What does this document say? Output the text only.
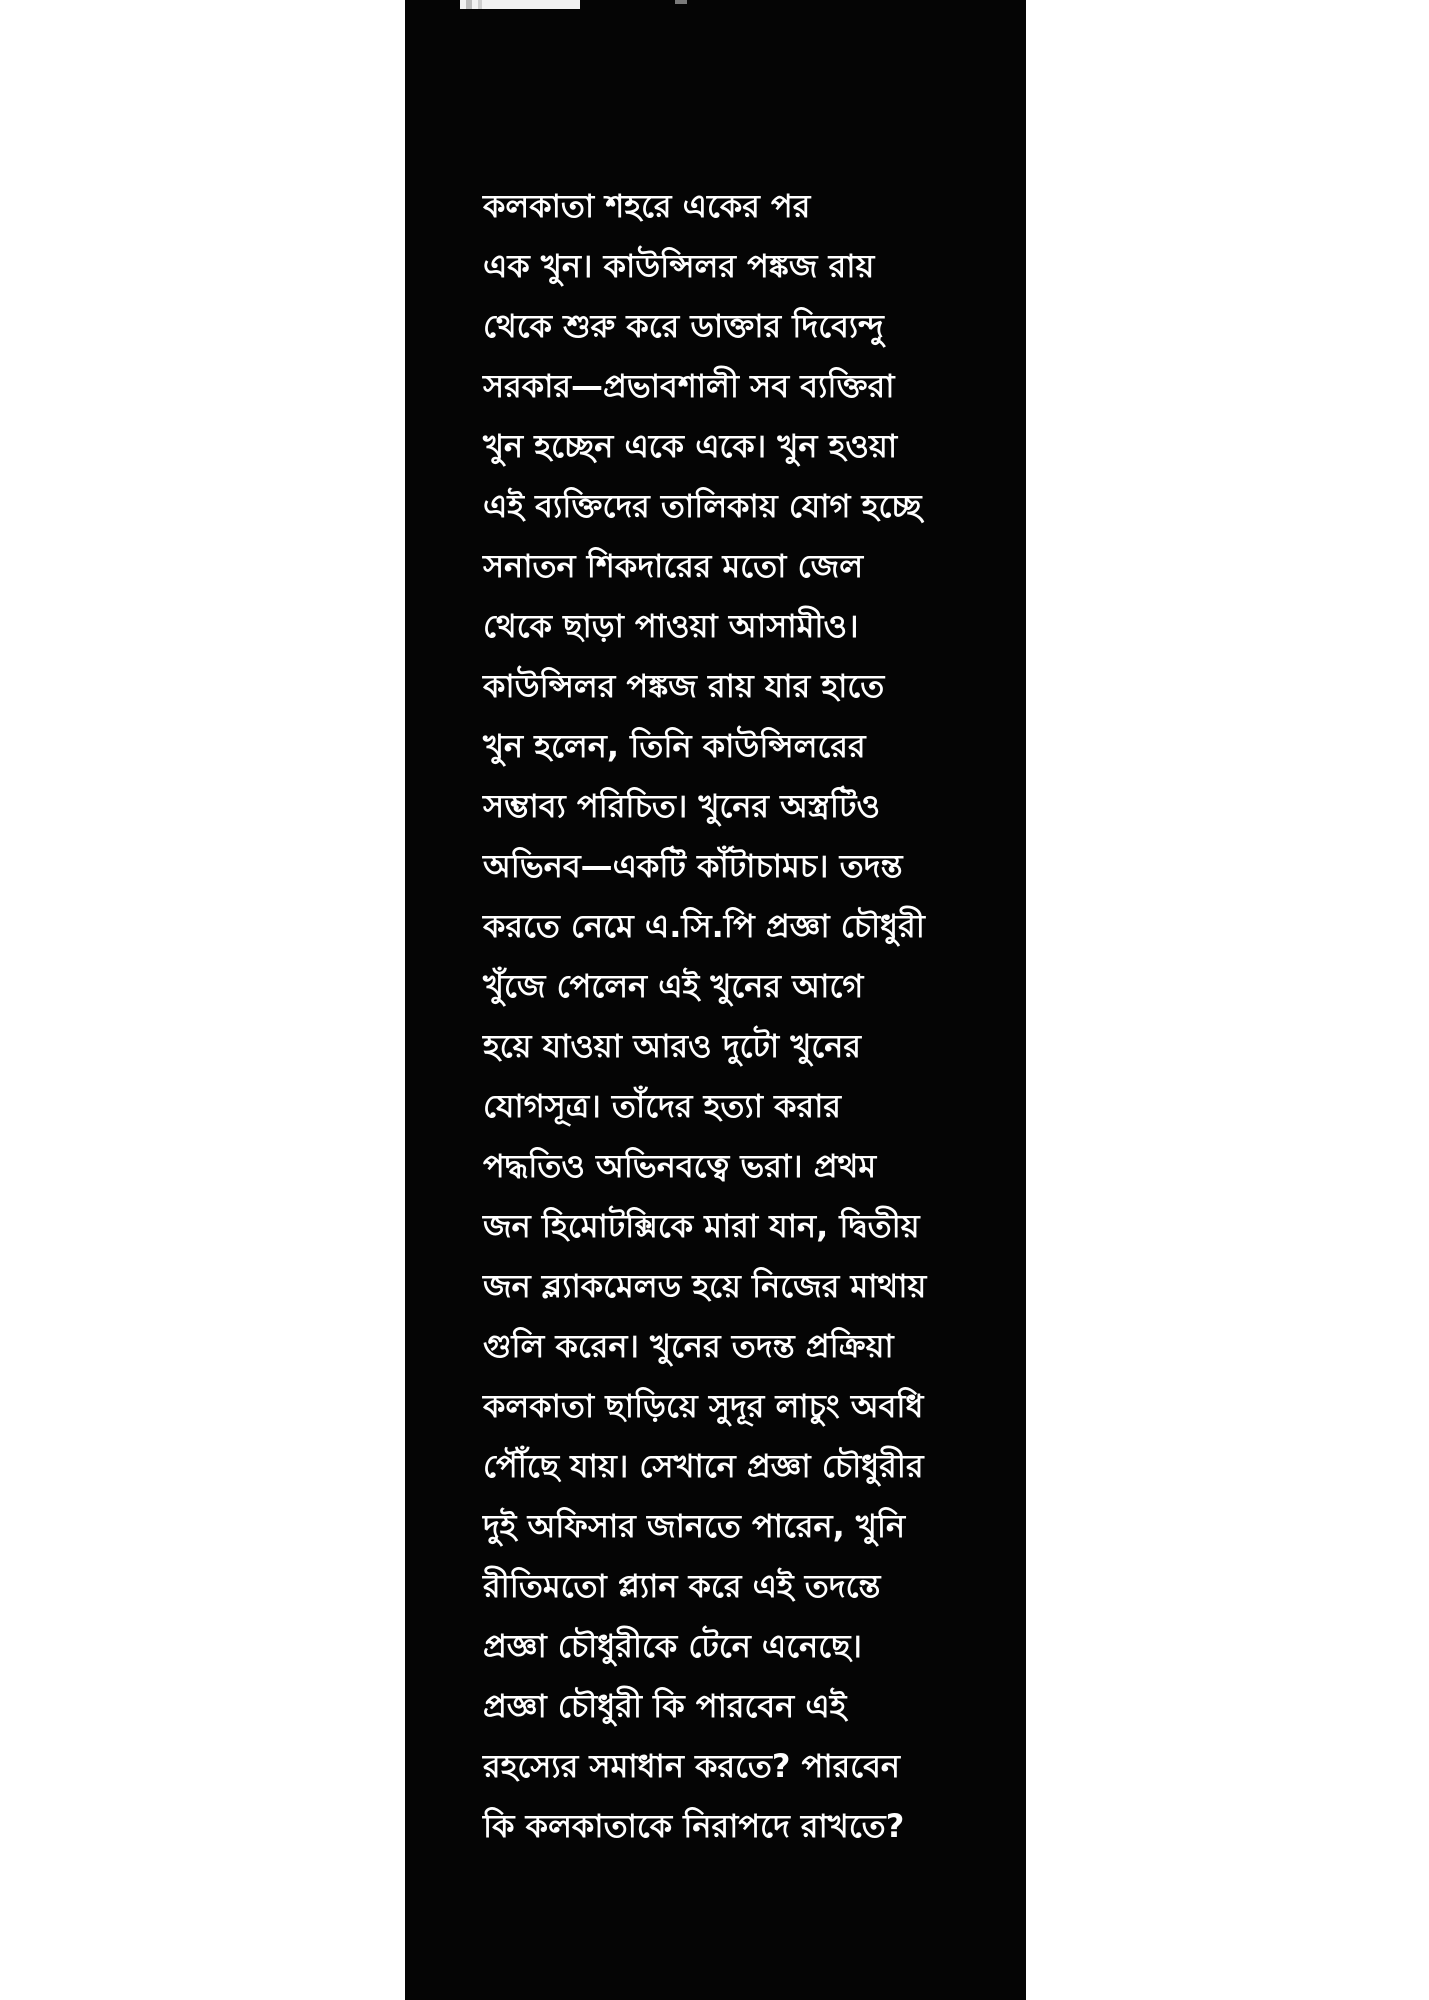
কলকাতা শহরে একের পর
এক খুন। কাউন্সিলর পঙ্কজ রায়
থেকে শুরু করে ডাক্তার দিব্যেন্দু
সরকার—প্রভাবশালী সব ব্যক্তিরা
খুন হচ্ছেন একে একে। খুন হওয়া
এই ব্যক্তিদের তালিকায় যোগ হচ্ছে
সনাতন শিকদারের মতো জেল
থেকে ছাড়া পাওয়া আসামীও।

কাউন্সিলর পঙ্কজ রায় যার হাতে
খুন হলেন, তিনি কাউন্সিলরের
সম্ভাব্য পরিচিত। খুনের অস্ত্রটিও
অভিনব—একটি কাঁটাচামচ। তদন্ত
করতে নেমে এ.সি.পি প্রজ্ঞা চৌধুরী
খুঁজে পেলেন এই খুনের আগে
হয়ে যাওয়া আরও দুটো খুনের
যোগসূত্র। তাঁদের হত্যা করার
পদ্ধতিও অভিনবত্বে ভরা। প্রথম
জন হিমোটক্সিকে মারা যান, দ্বিতীয়
জন ব্ল্যাকমেলড হয়ে নিজের মাথায়
গুলি করেন। খুনের তদন্ত প্রক্রিয়া
কলকাতা ছাড়িয়ে সুদূর লাচুং অবধি
পৌঁছে যায়। সেখানে প্রজ্ঞা চৌধুরীর
দুই অফিসার জানতে পারেন, খুনি
রীতিমতো প্ল্যান করে এই তদন্তে
প্রজ্ঞা চৌধুরীকে টেনে এনেছে।

প্রজ্ঞা চৌধুরী কি পারবেন এই
রহস্যের সমাধান করতে? পারবেন
কি কলকাতাকে নিরাপদে রাখতে?
